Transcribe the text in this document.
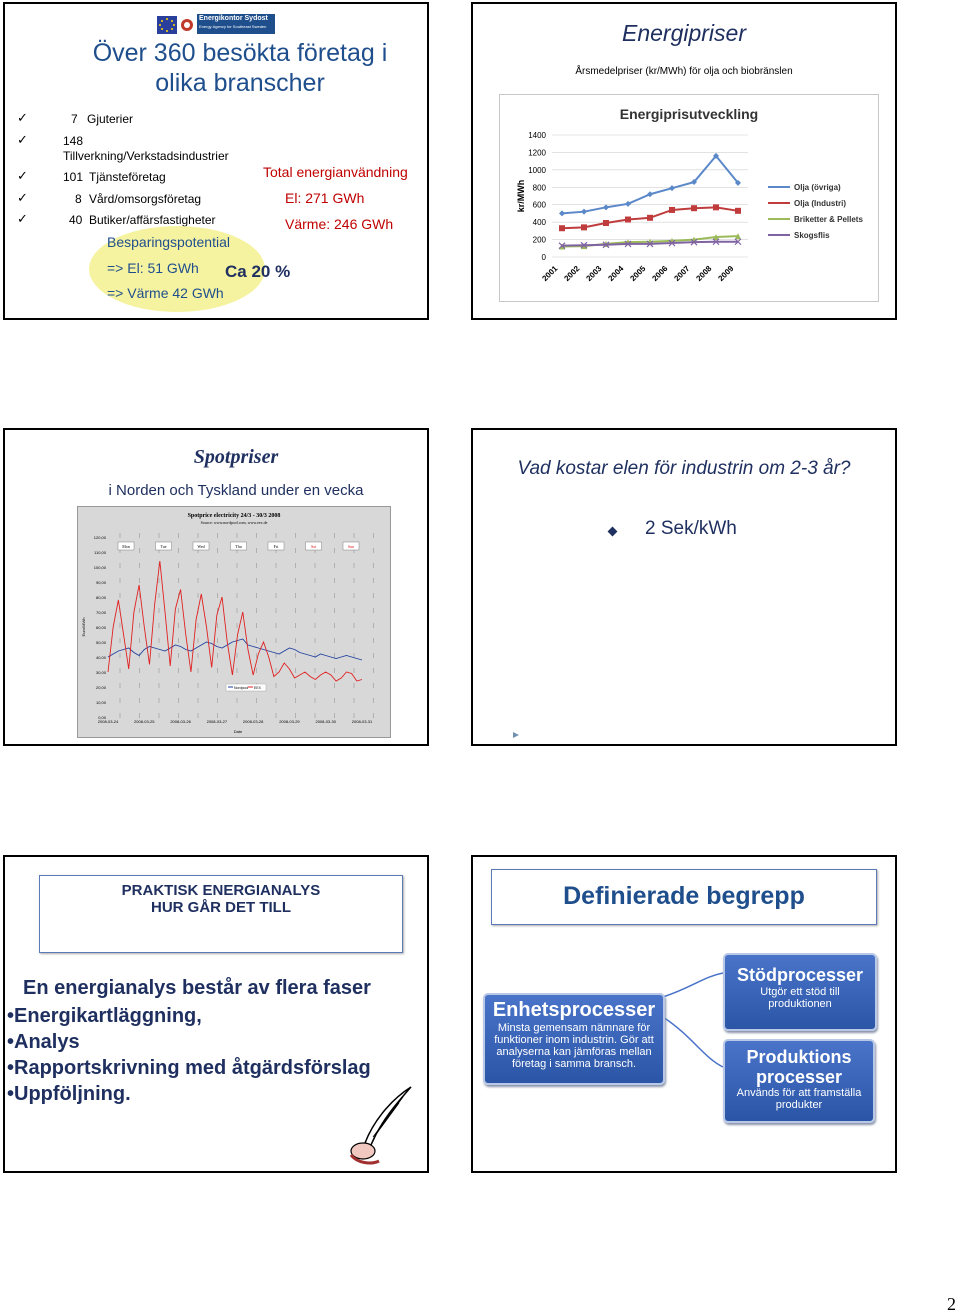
Energikontor Sydost
Energy Agency for Southeast Sweden
Över 360 besökta företag i olika branscher
✓	7 Gjuterier
✓	148
Tillverkning/Verkstadsindustrier
✓	101 Tjänsteföretag
✓	8 Vård/omsorgsföretag
✓	40 Butiker/affärsfastigheter
Total energianvändning
El: 271 GWh
Värme: 246 GWh
Besparingspotential
=> El: 51 GWh
=> Värme 42 GWh
Ca 20 %
Energipriser
Årsmedelpriser (kr/MWh) för olja och biobränslen
Energiprisutveckling
kr/MWh
0
200
400
600
800
1000
1200
1400
2001 2002 2003 2004 2005 2006 2007 2008 2009
Olja (övriga)
Olja (Industri)
Briketter & Pellets
Skogsflis
Spotpriser
i Norden och Tyskland under en vecka
Spotprice electricity 24/3 - 30/3 2008
Source: www.nordpool.com, www.eex.de
Euro/MWh
Date
0,00
10,00
20,00
30,00
40,00
50,00
60,00
70,00
80,00
90,00
100,00
110,00
120,00
2008-03-24	2008-03-25	2008-03-26	2008-03-27	2008-03-28	2008-03-29	2008-03-30	2008-03-31
Mon	Tue	Wed	Thu	Fri	Sat	Sun
Nordpool EEX
Vad kostar elen för industrin om 2-3 år?
2 Sek/kWh
PRAKTISK ENERGIANALYS
HUR GÅR DET TILL
En energianalys består av flera faser
•Energikartläggning,
•Analys
•Rapportskrivning med åtgärdsförslag
•Uppföljning.
Definierade begrepp
Enhetsprocesser
Minsta gemensam nämnare för funktioner inom industrin. Gör att analyserna kan jämföras mellan företag i samma bransch.
Stödprocesser
Utgör ett stöd till produktionen
Produktions processer
Används för att framställa produkter
2
